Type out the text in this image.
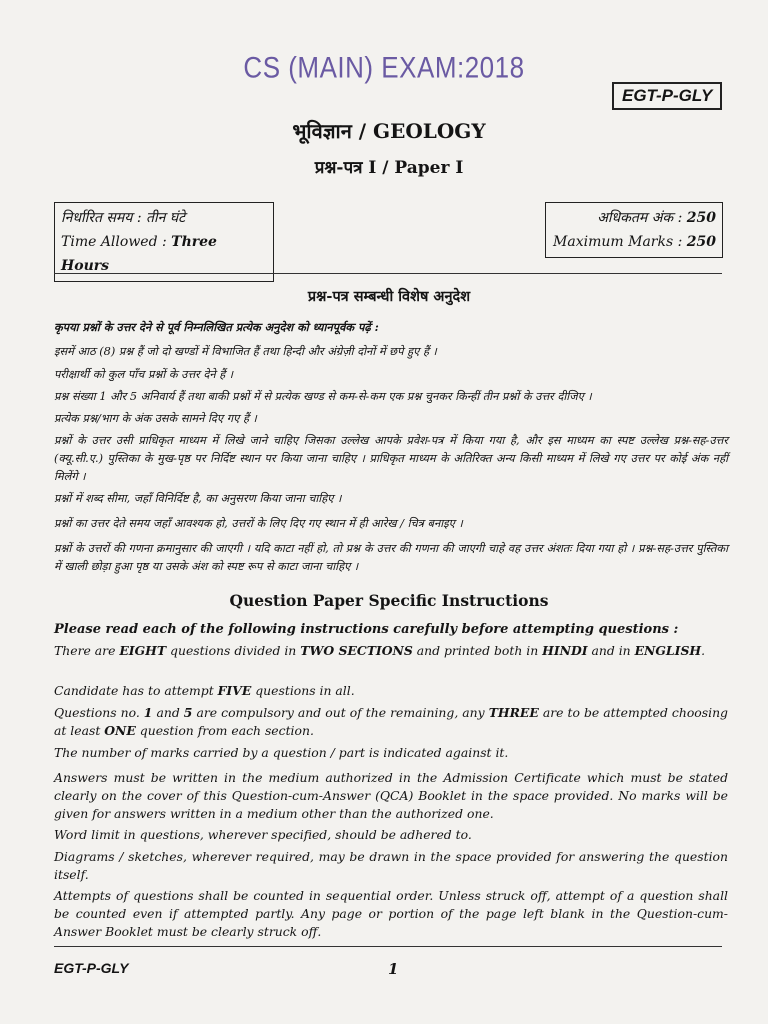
CS (MAIN) EXAM:2018
EGT-P-GLY
भूविज्ञान / GEOLOGY
प्रश्न-पत्र I / Paper I
निर्धारित समय : तीन घंटे
Time Allowed : Three Hours
अधिकतम अंक : 250
Maximum Marks : 250
प्रश्न-पत्र सम्बन्धी विशेष अनुदेश
कृपया प्रश्नों के उत्तर देने से पूर्व निम्नलिखित प्रत्येक अनुदेश को ध्यानपूर्वक पढ़ें :
इसमें आठ (8) प्रश्न हैं जो दो खण्डों में विभाजित हैं तथा हिन्दी और अंग्रेज़ी दोनों में छपे हुए हैं ।
परीक्षार्थी को कुल पाँच प्रश्नों के उत्तर देने हैं ।
प्रश्न संख्या 1 और 5 अनिवार्य हैं तथा बाकी प्रश्नों में से प्रत्येक खण्ड से कम-से-कम एक प्रश्न चुनकर किन्हीं तीन प्रश्नों के उत्तर दीजिए ।
प्रत्येक प्रश्न/भाग के अंक उसके सामने दिए गए हैं ।
प्रश्नों के उत्तर उसी प्राधिकृत माध्यम में लिखे जाने चाहिए जिसका उल्लेख आपके प्रवेश-पत्र में किया गया है, और इस माध्यम का स्पष्ट उल्लेख प्रश्न-सह-उत्तर (क्यू.सी.ए.) पुस्तिका के मुख-पृष्ठ पर निर्दिष्ट स्थान पर किया जाना चाहिए । प्राधिकृत माध्यम के अतिरिक्त अन्य किसी माध्यम में लिखे गए उत्तर पर कोई अंक नहीं मिलेंगे ।
प्रश्नों में शब्द सीमा, जहाँ विनिर्दिष्ट है, का अनुसरण किया जाना चाहिए ।
प्रश्नों का उत्तर देते समय जहाँ आवश्यक हो, उत्तरों के लिए दिए गए स्थान में ही आरेख / चित्र बनाइए ।
प्रश्नों के उत्तरों की गणना क्रमानुसार की जाएगी । यदि काटा नहीं हो, तो प्रश्न के उत्तर की गणना की जाएगी चाहे वह उत्तर अंशतः दिया गया हो । प्रश्न-सह-उत्तर पुस्तिका में खाली छोड़ा हुआ पृष्ठ या उसके अंश को स्पष्ट रूप से काटा जाना चाहिए ।
Question Paper Specific Instructions
Please read each of the following instructions carefully before attempting questions :
There are EIGHT questions divided in TWO SECTIONS and printed both in HINDI and in ENGLISH.
Candidate has to attempt FIVE questions in all.
Questions no. 1 and 5 are compulsory and out of the remaining, any THREE are to be attempted choosing at least ONE question from each section.
The number of marks carried by a question / part is indicated against it.
Answers must be written in the medium authorized in the Admission Certificate which must be stated clearly on the cover of this Question-cum-Answer (QCA) Booklet in the space provided. No marks will be given for answers written in a medium other than the authorized one.
Word limit in questions, wherever specified, should be adhered to.
Diagrams / sketches, wherever required, may be drawn in the space provided for answering the question itself.
Attempts of questions shall be counted in sequential order. Unless struck off, attempt of a question shall be counted even if attempted partly. Any page or portion of the page left blank in the Question-cum-Answer Booklet must be clearly struck off.
EGT-P-GLY	1
